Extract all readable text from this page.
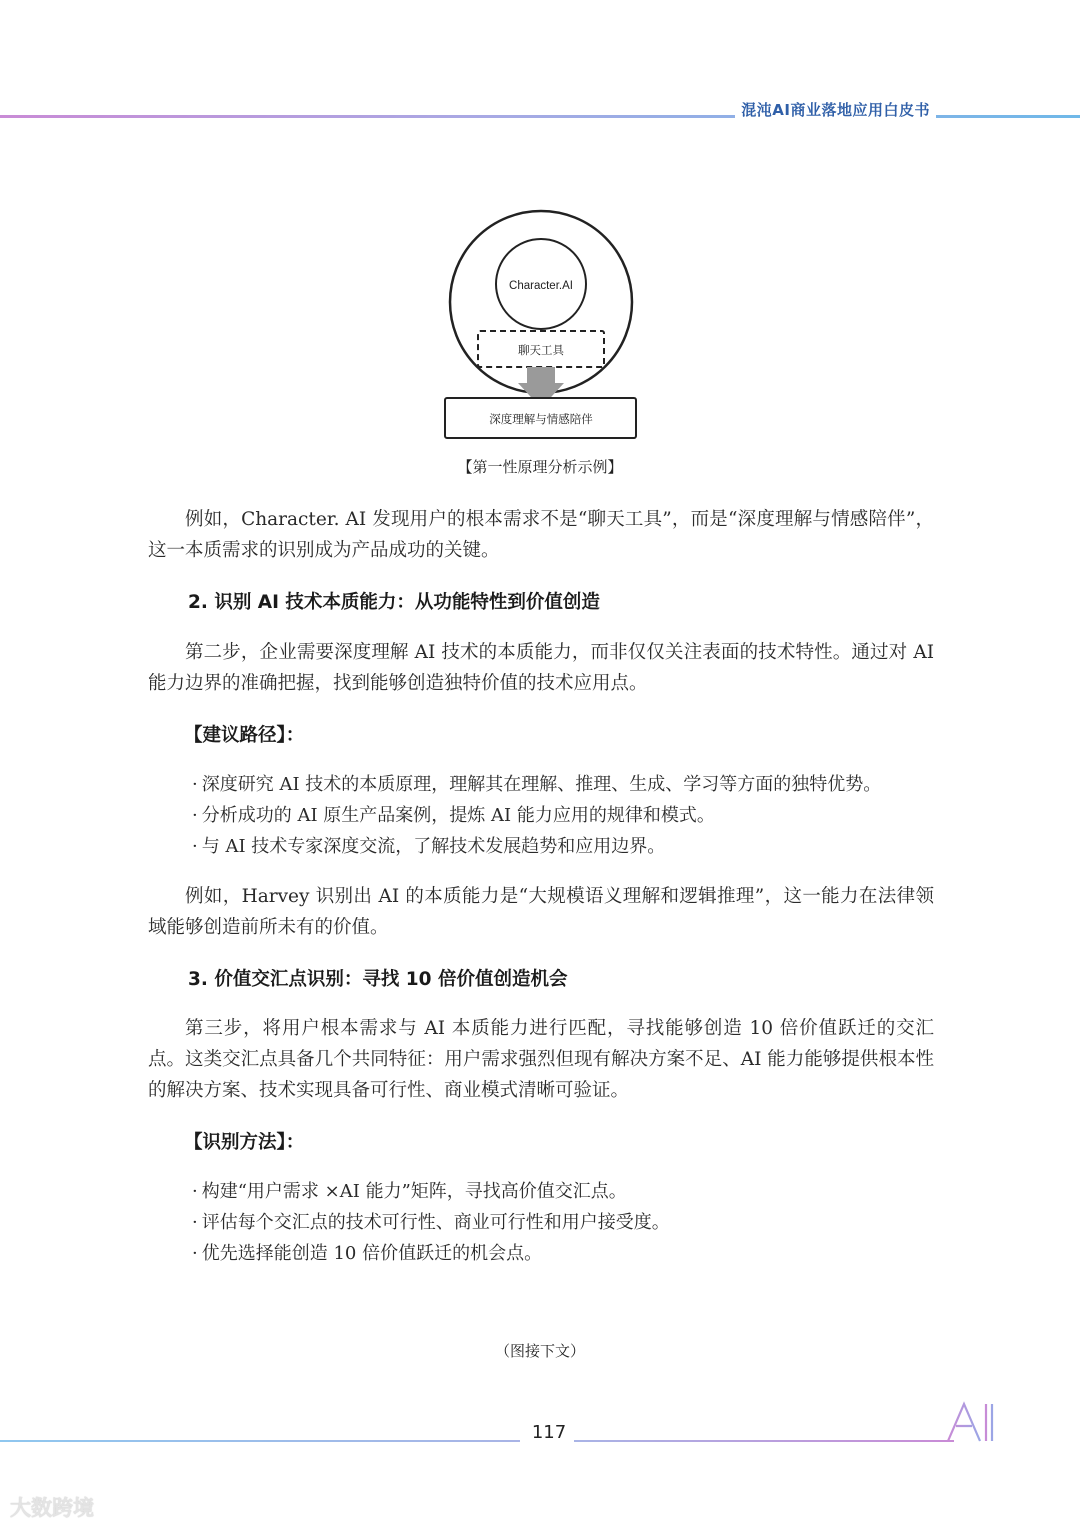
混沌AI商业落地应用白皮书
Character.AI
聊天工具
深度理解与情感陪伴
【第一性原理分析示例】
例如，Character. AI 发现用户的根本需求不是“聊天工具”，而是“深度理解与情感陪伴”，这一本质需求的识别成为产品成功的关键。
2. 识别 AI 技术本质能力：从功能特性到价值创造
第二步，企业需要深度理解 AI 技术的本质能力，而非仅仅关注表面的技术特性。通过对 AI 能力边界的准确把握，找到能够创造独特价值的技术应用点。
【建议路径】：
· 深度研究 AI 技术的本质原理，理解其在理解、推理、生成、学习等方面的独特优势。
· 分析成功的 AI 原生产品案例，提炼 AI 能力应用的规律和模式。
· 与 AI 技术专家深度交流，了解技术发展趋势和应用边界。
例如，Harvey 识别出 AI 的本质能力是“大规模语义理解和逻辑推理”，这一能力在法律领域能够创造前所未有的价值。
3. 价值交汇点识别：寻找 10 倍价值创造机会
第三步，将用户根本需求与 AI 本质能力进行匹配，寻找能够创造 10 倍价值跃迁的交汇点。这类交汇点具备几个共同特征：用户需求强烈但现有解决方案不足、AI 能力能够提供根本性的解决方案、技术实现具备可行性、商业模式清晰可验证。
【识别方法】：
· 构建“用户需求 ×AI 能力”矩阵，寻找高价值交汇点。
· 评估每个交汇点的技术可行性、商业可行性和用户接受度。
· 优先选择能创造 10 倍价值跃迁的机会点。
（图接下文）
117	AI
大数跨境
